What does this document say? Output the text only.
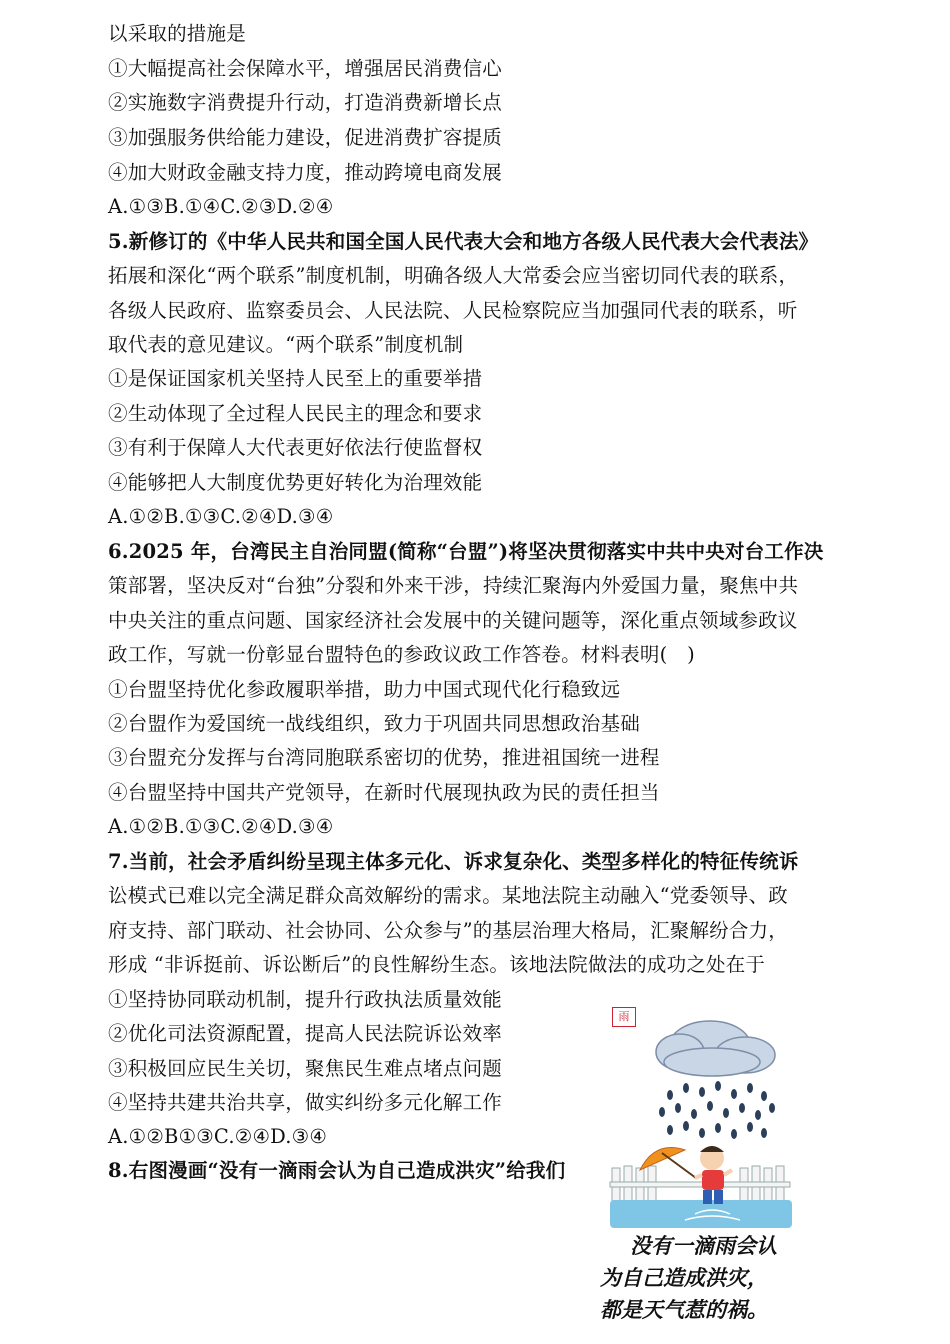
以采取的措施是
①大幅提高社会保障水平，增强居民消费信心
②实施数字消费提升行动，打造消费新增长点
③加强服务供给能力建设，促进消费扩容提质
④加大财政金融支持力度，推动跨境电商发展
A.①③B.①④C.②③D.②④
5.新修订的《中华人民共和国全国人民代表大会和地方各级人民代表大会代表法》
拓展和深化“两个联系”制度机制，明确各级人大常委会应当密切同代表的联系，
各级人民政府、监察委员会、人民法院、人民检察院应当加强同代表的联系，听
取代表的意见建议。“两个联系”制度机制
①是保证国家机关坚持人民至上的重要举措
②生动体现了全过程人民民主的理念和要求
③有利于保障人大代表更好依法行使监督权
④能够把人大制度优势更好转化为治理效能
A.①②B.①③C.②④D.③④
6.2025 年，台湾民主自治同盟(简称“台盟”)将坚决贯彻落实中共中央对台工作决
策部署，坚决反对“台独”分裂和外来干涉，持续汇聚海内外爱国力量，聚焦中共
中央关注的重点问题、国家经济社会发展中的关键问题等，深化重点领域参政议
政工作，写就一份彰显台盟特色的参政议政工作答卷。材料表明(　)
①台盟坚持优化参政履职举措，助力中国式现代化行稳致远
②台盟作为爱国统一战线组织，致力于巩固共同思想政治基础
③台盟充分发挥与台湾同胞联系密切的优势，推进祖国统一进程
④台盟坚持中国共产党领导，在新时代展现执政为民的责任担当
A.①②B.①③C.②④D.③④
7.当前，社会矛盾纠纷呈现主体多元化、诉求复杂化、类型多样化的特征传统诉
讼模式已难以完全满足群众高效解纷的需求。某地法院主动融入“党委领导、政
府支持、部门联动、社会协同、公众参与”的基层治理大格局，汇聚解纷合力，
形成 “非诉挺前、诉讼断后”的良性解纷生态。该地法院做法的成功之处在于
①坚持协同联动机制，提升行政执法质量效能
②优化司法资源配置，提高人民法院诉讼效率
③积极回应民生关切，聚焦民生难点堵点问题
④坚持共建共治共享，做实纠纷多元化解工作
A.①②B①③C.②④D.③④
8.右图漫画“没有一滴雨会认为自己造成洪灾”给我们
雨
没有一滴雨会认
为自己造成洪灾，
都是天气惹的祸。
